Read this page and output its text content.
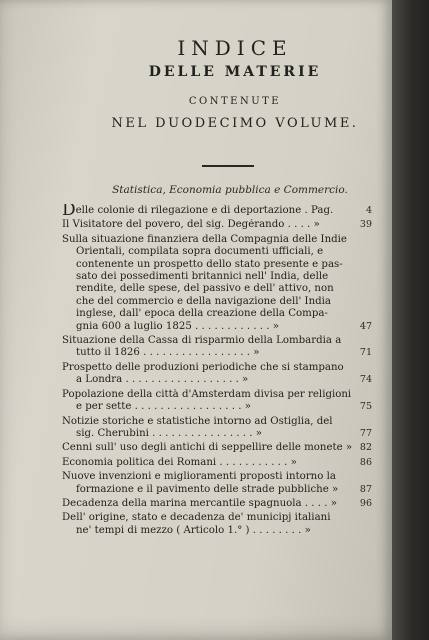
INDICE
DELLE MATERIE
CONTENUTE
NEL DUODECIMO VOLUME.
Statistica, Economia pubblica e Commercio.
Delle colonie di rilegazione e di deportazione . Pag.	4
Il Visitatore del povero, del sig. Degérando . . . . »	39
Sulla situazione finanziera della Compagnia delle Indie
Orientali, compilata sopra documenti ufficiali, e
contenente un prospetto dello stato presente e pas-
sato dei possedimenti britannici nell' India, delle
rendite, delle spese, del passivo e dell' attivo, non
che del commercio e della navigazione dell' India
inglese, dall' epoca della creazione della Compa-
gnia 600 a luglio 1825 . . . . . . . . . . . . »	47
Situazione della Cassa di risparmio della Lombardia a
tutto il 1826 . . . . . . . . . . . . . . . . . »	71
Prospetto delle produzioni periodiche che si stampano
a Londra . . . . . . . . . . . . . . . . . . »	74
Popolazione della città d'Amsterdam divisa per religioni
e per sette . . . . . . . . . . . . . . . . . »	75
Notizie storiche e statistiche intorno ad Ostiglia, del
sig. Cherubini . . . . . . . . . . . . . . . . »	77
Cenni sull' uso degli antichi di seppellire delle monete » 82
Economia politica dei Romani . . . . . . . . . . . »	86
Nuove invenzioni e miglioramenti proposti intorno la
formazione e il pavimento delle strade pubbliche »	87
Decadenza della marina mercantile spagnuola . . . . »	96
Dell' origine, stato e decadenza de' municipj italiani
ne' tempi di mezzo ( Articolo 1.° ) . . . . . . . . »
